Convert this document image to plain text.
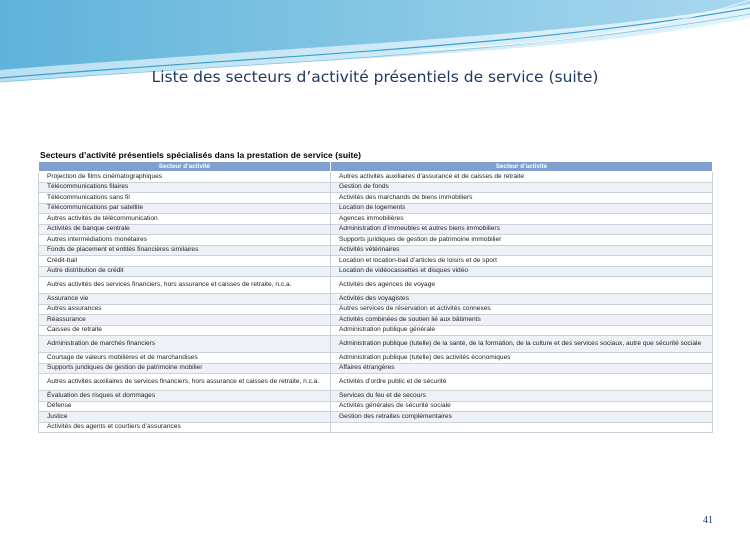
Liste des secteurs d’activité présentiels de service (suite)
Secteurs d’activité présentiels spécialisés dans la prestation de service (suite)
Secteur d’activité	Secteur d’activité
Projection de films cinématographiques	Autres activités auxiliaires d’assurance et de caisses de retraite
Télécommunications filaires	Gestion de fonds
Télécommunications sans fil	Activités des marchands de biens immobiliers
Télécommunications par satellite	Location de logements
Autres activités de télécommunication	Agences immobilières
Activités de banque centrale	Administration d’immeubles et autres biens immobiliers
Autres intermédiations monétaires	Supports juridiques de gestion de patrimoine immobilier
Fonds de placement et entités financières similaires	Activités vétérinaires
Crédit-bail	Location et location-bail d’articles de loisirs et de sport
Autre distribution de crédit	Location de vidéocassettes et disques vidéo
Autres activités des services financiers, hors assurance et caisses de retraite, n.c.a.	Activités des agences de voyage
Assurance vie	Activités des voyagistes
Autres assurances	Autres services de réservation et activités connexes
Réassurance	Activités combinées de soutien lié aux bâtiments
Caisses de retraite	Administration publique générale
Administration de marchés financiers	Administration publique (tutelle) de la santé, de la formation, de la culture et des services sociaux, autre que sécurité sociale
Courtage de valeurs mobilières et de marchandises	Administration publique (tutelle) des activités économiques
Supports juridiques de gestion de patrimoine mobilier	Affaires étrangères
Autres activités auxiliaires de services financiers, hors assurance et caisses de retraite, n.c.a.	Activités d’ordre public et de sécurité
Évaluation des risques et dommages	Services du feu et de secours
Défense	Activités générales de sécurité sociale
Justice	Gestion des retraites complémentaires
Activités des agents et courtiers d’assurances	
41
